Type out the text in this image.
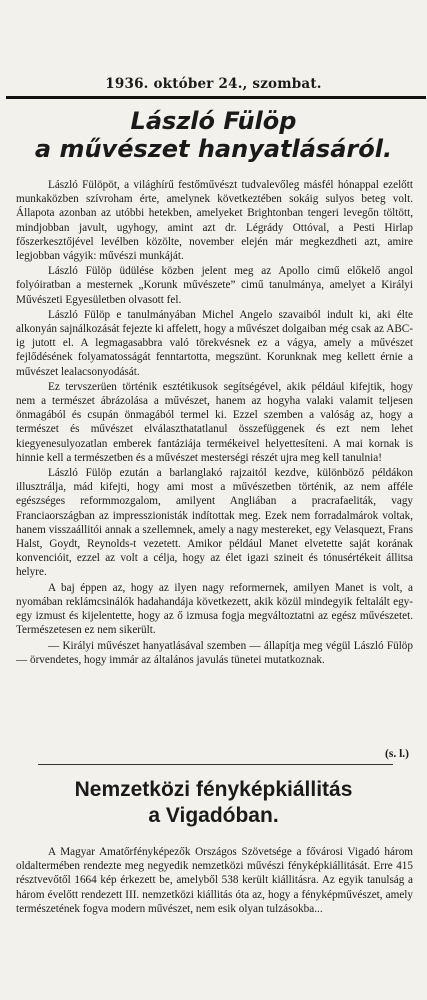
1936. október 24., szombat.
László Fülöp
a művészet hanyatlásáról.

László Fülöpöt, a világhírű festőművészt tudvalevőleg másfél hónappal ezelőtt munkaközben szívroham érte, amelynek következtében sokáig sulyos beteg volt. Állapota azonban az utóbbi hetekben, amelyeket Brightonban tengeri levegőn töltött, mindjobban javult, ugyhogy, amint azt dr. Légrády Ottóval, a Pesti Hirlap főszerkesztőjével levélben közölte, november elején már megkezdheti azt, amire legjobban vágyik: művészi munkáját.

László Fülöp üdülése közben jelent meg az Apollo cimű előkelő angol folyóiratban a mesternek „Korunk művészete” cimű tanulmánya, amelyet a Királyi Művészeti Egyesületben olvasott fel.

László Fülöp e tanulmányában Michel Angelo szavaiból indult ki, aki élte alkonyán sajnálkozását fejezte ki affelett, hogy a művészet dolgaiban még csak az ABC-ig jutott el. A legmagasabbra való törekvésnek ez a vágya, amely a művészet fejlődésének folyamatosságát fenntartotta, megszünt. Korunknak meg kellett érnie a művészet lealacsonyodását.

Ez tervszerüen történik esztétikusok segítségével, akik például kifejtik, hogy nem a természet ábrázolása a művészet, hanem az hogyha valaki valamit teljesen önmagából és csupán önmagából termel ki. Ezzel szemben a valóság az, hogy a természet és művészet elválaszthatatlanul összefüggenek és ezt nem lehet kiegyenesulyozatlan emberek fantáziája termékeivel helyettesíteni. A mai kornak is hinnie kell a természetben és a művészet mesterségi részét ujra meg kell tanulnia!

László Fülöp ezután a barlanglakó rajzaitól kezdve, különböző példákon illusztrálja, mád kifejti, hogy ami most a művészetben történik, az nem afféle egészséges reformmozgalom, amilyent Angliában a pracrafaeliták, vagy Franciaországban az impresszionisták indítottak meg. Ezek nem forradalmárok voltak, hanem visszaállitói annak a szellemnek, amely a nagy mestereket, egy Velasquezt, Frans Halst, Goydt, Reynolds-t vezetett. Amikor például Manet elvetette saját korának konvencióit, ezzel az volt a célja, hogy az élet igazi szineit és tónusértékeit állitsa helyre.

A baj éppen az, hogy az ilyen nagy reformernek, amilyen Manet is volt, a nyomában reklámcsinálók hadahandája következett, akik közül mindegyik feltalált egy-egy izmust és kijelentette, hogy az ő izmusa fogja megváltoztatni az egész művészetet. Természetesen ez nem sikerült.

— Királyi művészet hanyatlásával szemben — állapítja meg végül László Fülöp — örvendetes, hogy immár az általános javulás tünetei mutatkoznak.

(s. l.)
Nemzetközi fényképkiállitás
a Vigadóban.

A Magyar Amatőrfényképezők Országos Szövetsége a fővárosi Vigadó három oldaltermében rendezte meg negyedik nemzetközi művészi fényképkiállitását. Erre 415 résztvevőtől 1664 kép érkezett be, amelyből 538 került kiállitásra. Az egyik tanulság a három évelőtt rendezett III. nemzetközi kiállitás óta az, hogy a fényképművészet, amely természetének fogva modern művészet, nem esik olyan tulzásokba...
